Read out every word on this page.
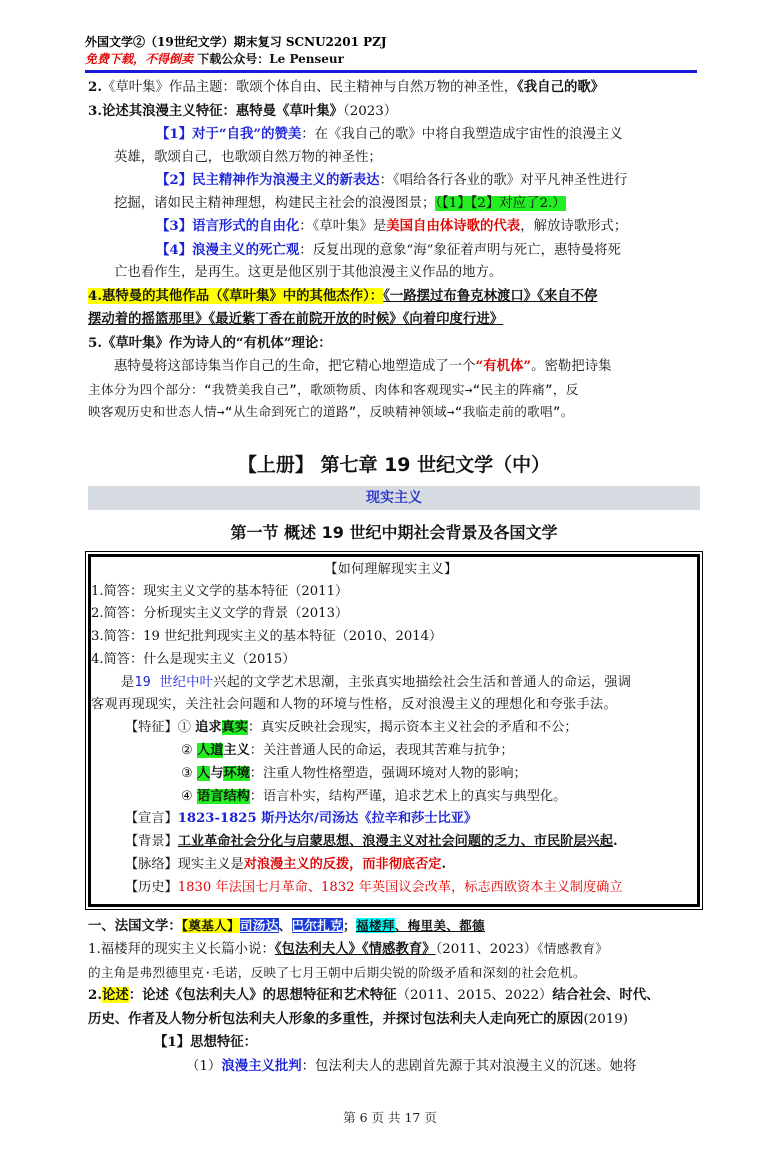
外国文学②（19世纪文学）期末复习 SCNU2201 PZJ
免费下载，不得倒卖 下载公众号：Le Penseur

2.《草叶集》作品主题：歌颂个体自由、民主精神与自然万物的神圣性，《我自己的歌》

3.论述其浪漫主义特征：惠特曼《草叶集》（2023）

【1】对于“自我”的赞美：在《我自己的歌》中将自我塑造成宇宙性的浪漫主义

英雄，歌颂自己，也歌颂自然万物的神圣性；

【2】民主精神作为浪漫主义的新表达：《唱给各行各业的歌》对平凡神圣性进行

挖掘，诸如民主精神理想，构建民主社会的浪漫图景；（【1】【2】对应了2.）

【3】语言形式的自由化：《草叶集》是美国自由体诗歌的代表，解放诗歌形式；

【4】浪漫主义的死亡观：反复出现的意象“海”象征着声明与死亡，惠特曼将死

亡也看作生，是再生。这更是他区别于其他浪漫主义作品的地方。

4.惠特曼的其他作品（《草叶集》中的其他杰作）：《一路摆过布鲁克林渡口》《来自不停

摆动着的摇篮那里》《最近紫丁香在前院开放的时候》《向着印度行进》

5.《草叶集》作为诗人的“有机体”理论：

惠特曼将这部诗集当作自己的生命，把它精心地塑造成了一个“有机体”。密勒把诗集

主体分为四个部分：“我赞美我自己”，歌颂物质、肉体和客观现实→“民主的阵痛”，反

映客观历史和世态人情→“从生命到死亡的道路”，反映精神领域→“我临走前的歌唱”。

【上册】 第七章 19 世纪文学（中）
现实主义
第一节 概述 19 世纪中期社会背景及各国文学
【如何理解现实主义】

1.简答：现实主义文学的基本特征（2011）

2.简答：分析现实主义文学的背景（2013）

3.简答：19 世纪批判现实主义的基本特征（2010、2014）

4.简答：什么是现实主义（2015）

是19 世纪中叶兴起的文学艺术思潮，主张真实地描绘社会生活和普通人的命运，强调

客观再现现实，关注社会问题和人物的环境与性格，反对浪漫主义的理想化和夸张手法。

【特征】① 追求真实：真实反映社会现实，揭示资本主义社会的矛盾和不公；

② 人道主义：关注普通人民的命运，表现其苦难与抗争；

③ 人与环境：注重人物性格塑造，强调环境对人物的影响；

④ 语言结构：语言朴实，结构严谨，追求艺术上的真实与典型化。

【宣言】1823-1825 斯丹达尔/司汤达《拉辛和莎士比亚》

【背景】工业革命社会分化与启蒙思想、浪漫主义对社会问题的乏力、市民阶层兴起.

【脉络】现实主义是对浪漫主义的反拨，而非彻底否定.

【历史】1830 年法国七月革命、1832 年英国议会改革，标志西欧资本主义制度确立

一、法国文学：【奠基人】司汤达、巴尔扎克；福楼拜、梅里美、都德

1.福楼拜的现实主义长篇小说：《包法利夫人》《情感教育》（2011、2023）《情感教育》

的主角是弗烈德里克·毛诺，反映了七月王朝中后期尖锐的阶级矛盾和深刻的社会危机。

2.论述：论述《包法利夫人》的思想特征和艺术特征（2011、2015、2022）结合社会、时代、

历史、作者及人物分析包法利夫人形象的多重性，并探讨包法利夫人走向死亡的原因(2019)

【1】思想特征：

（1）浪漫主义批判：包法利夫人的悲剧首先源于其对浪漫主义的沉迷。她将

第 6 页 共 17 页
